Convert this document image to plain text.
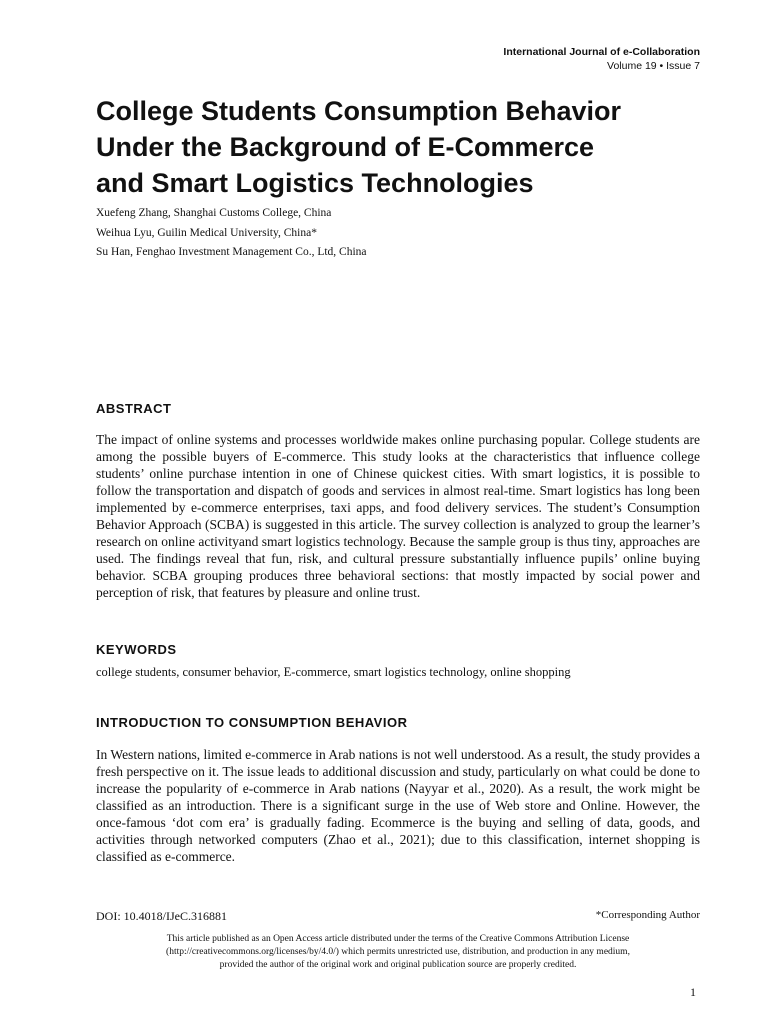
International Journal of e-Collaboration
Volume 19 • Issue 7
College Students Consumption Behavior
Under the Background of E-Commerce
and Smart Logistics Technologies
Xuefeng Zhang, Shanghai Customs College, China
Weihua Lyu, Guilin Medical University, China*
Su Han, Fenghao Investment Management Co., Ltd, China
ABSTRACT

The impact of online systems and processes worldwide makes online purchasing popular. College students are among the possible buyers of E-commerce. This study looks at the characteristics that influence college students’ online purchase intention in one of Chinese quickest cities. With smart logistics, it is possible to follow the transportation and dispatch of goods and services in almost real-time. Smart logistics has long been implemented by e-commerce enterprises, taxi apps, and food delivery services. The student’s Consumption Behavior Approach (SCBA) is suggested in this article. The survey collection is analyzed to group the learner’s research on online activityand smart logistics technology. Because the sample group is thus tiny, approaches are used. The findings reveal that fun, risk, and cultural pressure substantially influence pupils’ online buying behavior. SCBA grouping produces three behavioral sections: that mostly impacted by social power and perception of risk, that features by pleasure and online trust.

KEYWORDS

college students, consumer behavior, E-commerce, smart logistics technology, online shopping

INTRODUCTION TO CONSUMPTION BEHAVIOR

In Western nations, limited e-commerce in Arab nations is not well understood. As a result, the study provides a fresh perspective on it. The issue leads to additional discussion and study, particularly on what could be done to increase the popularity of e-commerce in Arab nations (Nayyar et al., 2020). As a result, the work might be classified as an introduction. There is a significant surge in the use of Web store and Online. However, the once-famous ‘dot com era’ is gradually fading. Ecommerce is the buying and selling of data, goods, and activities through networked computers (Zhao et al., 2021); due to this classification, internet shopping is classified as e-commerce.

DOI: 10.4018/IJeC.316881	*Corresponding Author
This article published as an Open Access article distributed under the terms of the Creative Commons Attribution License
(http://creativecommons.org/licenses/by/4.0/) which permits unrestricted use, distribution, and production in any medium,
provided the author of the original work and original publication source are properly credited.
1
